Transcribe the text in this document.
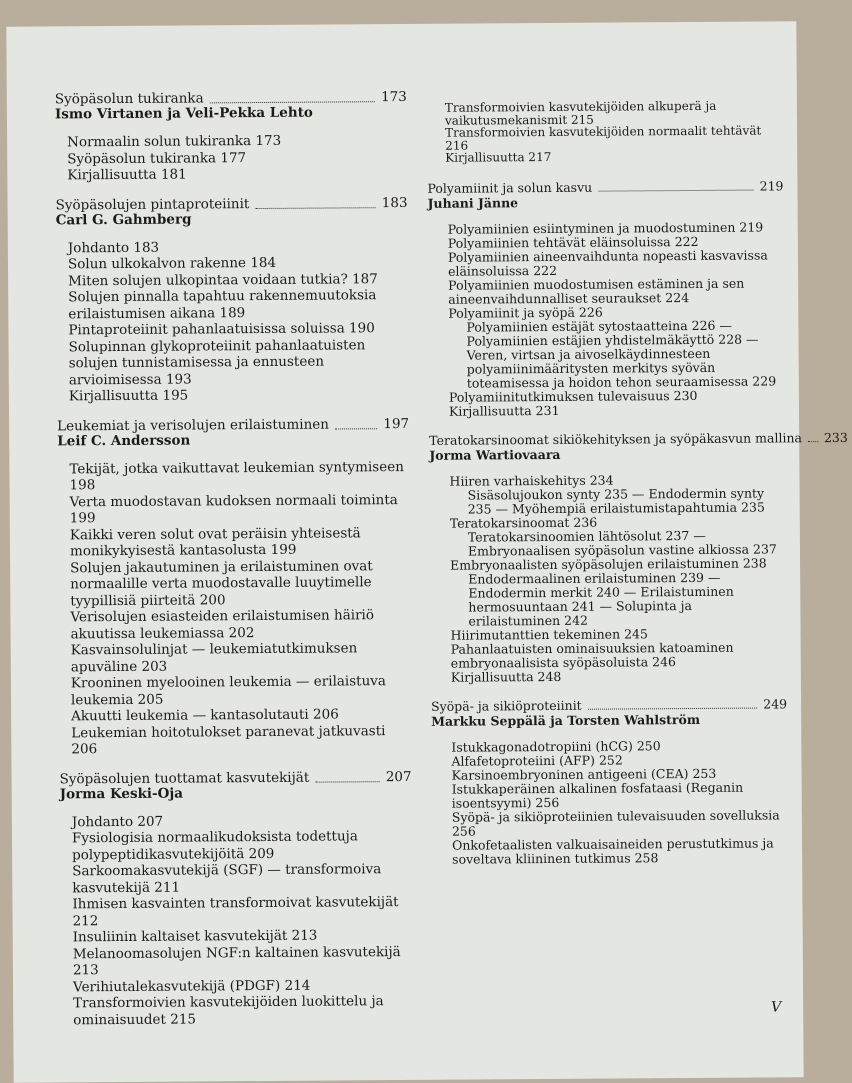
Syöpäsolun tukiranka	173
Ismo Virtanen ja Veli-Pekka Lehto
Normaalin solun tukiranka 173
Syöpäsolun tukiranka 177
Kirjallisuutta 181
Syöpäsolujen pintaproteiinit	183
Carl G. Gahmberg
Johdanto 183
Solun ulkokalvon rakenne 184
Miten solujen ulkopintaa voidaan tutkia? 187
Solujen pinnalla tapahtuu rakennemuutoksia erilaistumisen aikana 189
Pintaproteiinit pahanlaatuisissa soluissa 190
Solupinnan glykoproteiinit pahanlaatuisten solujen tunnistamisessa ja ennusteen arvioimisessa 193
Kirjallisuutta 195
Leukemiat ja verisolujen erilaistuminen	197
Leif C. Andersson
Tekijät, jotka vaikuttavat leukemian syntymiseen 198
Verta muodostavan kudoksen normaali toiminta 199
Kaikki veren solut ovat peräisin yhteisestä monikykyisestä kantasolusta 199
Solujen jakautuminen ja erilaistuminen ovat normaalille verta muodostavalle luuytimelle tyypillisiä piirteitä 200
Verisolujen esiasteiden erilaistumisen häiriö akuutissa leukemiassa 202
Kasvainsolulinjat — leukemiatutkimuksen apuväline 203
Krooninen myelooinen leukemia — erilaistuva leukemia 205
Akuutti leukemia — kantasolutauti 206
Leukemian hoitotulokset paranevat jatkuvasti 206
Syöpäsolujen tuottamat kasvutekijät	207
Jorma Keski-Oja
Johdanto 207
Fysiologisia normaalikudoksista todettuja polypeptidikasvutekijöitä 209
Sarkoomakasvutekijä (SGF) — transformoiva kasvutekijä 211
Ihmisen kasvainten transformoivat kasvutekijät 212
Insuliinin kaltaiset kasvutekijät 213
Melanoomasolujen NGF:n kaltainen kasvutekijä 213
Verihiutalekasvutekijä (PDGF) 214
Transformoivien kasvutekijöiden luokittelu ja ominaisuudet 215
Transformoivien kasvutekijöiden alkuperä ja vaikutusmekanismit 215
Transformoivien kasvutekijöiden normaalit tehtävät 216
Kirjallisuutta 217
Polyamiinit ja solun kasvu	219
Juhani Jänne
Polyamiinien esiintyminen ja muodostuminen 219
Polyamiinien tehtävät eläinsoluissa 222
Polyamiinien aineenvaihdunta nopeasti kasvavissa eläinsoluissa 222
Polyamiinien muodostumisen estäminen ja sen aineenvaihdunnalliset seuraukset 224
Polyamiinit ja syöpä 226
Polyamiinien estäjät sytostaatteina 226 —
Polyamiinien estäjien yhdistelmäkäyttö 228 —
Veren, virtsan ja aivoselkäydinnesteen polyamiinimääritysten merkitys syövän toteamisessa ja hoidon tehon seuraamisessa 229
Polyamiinitutkimuksen tulevaisuus 230
Kirjallisuutta 231
Teratokarsinoomat sikiökehityksen ja syöpäkasvun mallina 233
Jorma Wartiovaara
Hiiren varhaiskehitys 234
Sisäsolujoukon synty 235 — Endodermin synty 235 — Myöhempiä erilaistumistapahtumia 235
Teratokarsinoomat 236
Teratokarsinoomien lähtösolut 237 — Embryonaalisen syöpäsolun vastine alkiossa 237
Embryonaalisten syöpäsolujen erilaistuminen 238
Endodermaalinen erilaistuminen 239 — Endodermin merkit 240 — Erilaistuminen hermosuuntaan 241 — Solupinta ja erilaistuminen 242
Hiirimutanttien tekeminen 245
Pahanlaatuisten ominaisuuksien katoaminen embryonaalisista syöpäsoluista 246
Kirjallisuutta 248
Syöpä- ja sikiöproteiinit	249
Markku Seppälä ja Torsten Wahlström
Istukkagonadotropiini (hCG) 250
Alfafetoproteiini (AFP) 252
Karsinoembryoninen antigeeni (CEA) 253
Istukkaperäinen alkalinen fosfataasi (Reganin isoentsyymi) 256
Syöpä- ja sikiöproteiinien tulevaisuuden sovelluksia 256
Onkofetaalisten valkuaisaineiden perustutkimus ja soveltava kliininen tutkimus 258
V
